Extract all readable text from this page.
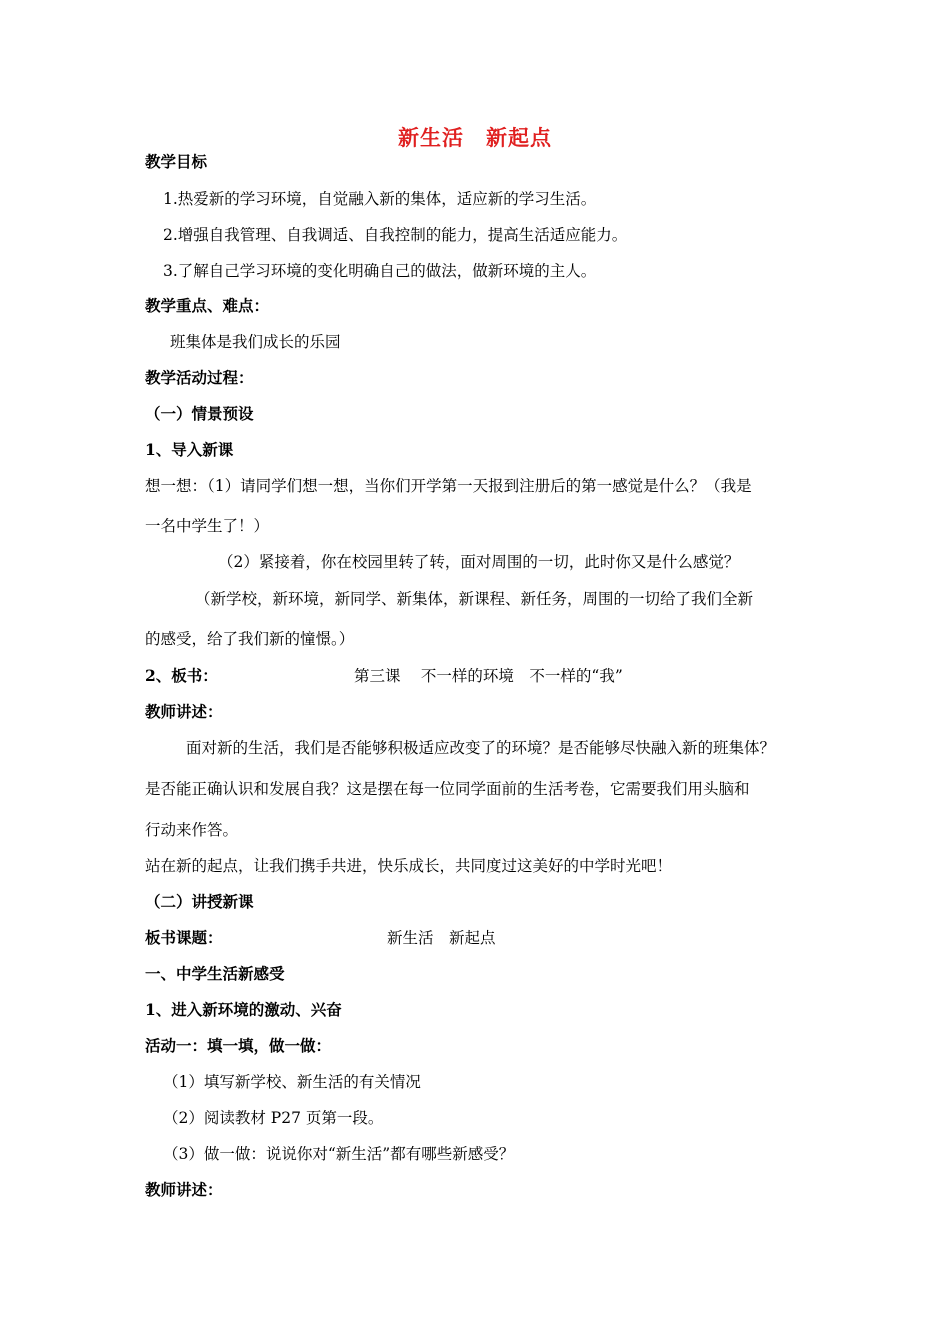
新生活　新起点
教学目标
1.热爱新的学习环境，自觉融入新的集体，适应新的学习生活。
2.增强自我管理、自我调适、自我控制的能力，提高生活适应能力。
3.了解自己学习环境的变化明确自己的做法，做新环境的主人。
教学重点、难点：
班集体是我们成长的乐园
教学活动过程：
（一）情景预设
1、导入新课
想一想：（1）请同学们想一想，当你们开学第一天报到注册后的第一感觉是什么？（我是
一名中学生了！）
（2）紧接着，你在校园里转了转，面对周围的一切，此时你又是什么感觉？
（新学校，新环境，新同学、新集体，新课程、新任务，周围的一切给了我们全新
的感受，给了我们新的憧憬。）
2、板书：	第三课　 不一样的环境　不一样的“我”
教师讲述：
面对新的生活，我们是否能够积极适应改变了的环境？是否能够尽快融入新的班集体？
是否能正确认识和发展自我？这是摆在每一位同学面前的生活考卷，它需要我们用头脑和
行动来作答。
站在新的起点，让我们携手共进，快乐成长，共同度过这美好的中学时光吧！
（二）讲授新课
板书课题：	新生活　新起点
一、中学生活新感受
1、进入新环境的激动、兴奋
活动一：填一填，做一做：
（1）填写新学校、新生活的有关情况
（2）阅读教材 P27 页第一段。
（3）做一做：说说你对“新生活”都有哪些新感受？
教师讲述：
